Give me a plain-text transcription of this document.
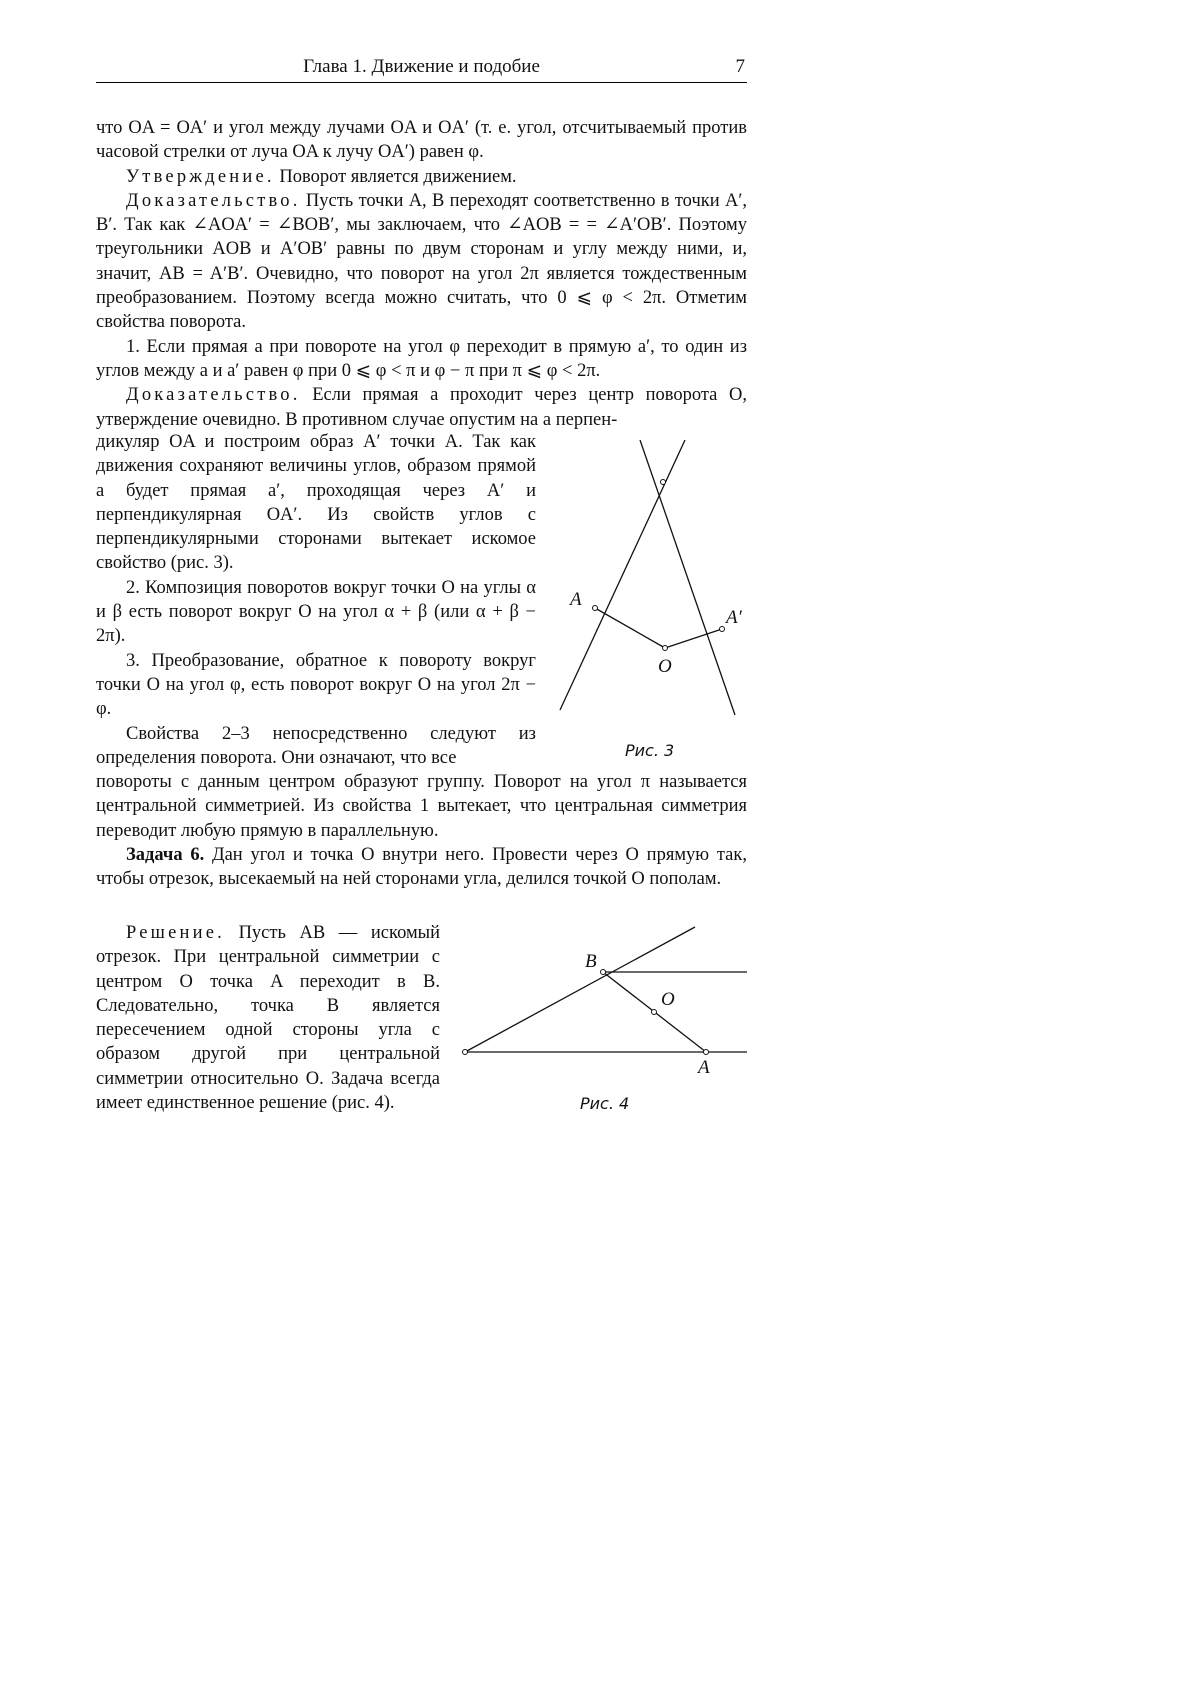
Глава 1. Движение и подобие	7

что OA = OA′ и угол между лучами OA и OA′ (т. е. угол, отсчитываемый против часовой стрелки от луча OA к лучу OA′) равен φ.

Утверждение. Поворот является движением.

Доказательство. Пусть точки A, B переходят соответственно в точки A′, B′. Так как ∠AOA′ = ∠BOB′, мы заключаем, что ∠AOB = = ∠A′OB′. Поэтому треугольники AOB и A′OB′ равны по двум сторонам и углу между ними, и, значит, AB = A′B′. Очевидно, что поворот на угол 2π является тождественным преобразованием. Поэтому всегда можно считать, что 0 ⩽ φ < 2π. Отметим свойства поворота.

1. Если прямая a при повороте на угол φ переходит в прямую a′, то один из углов между a и a′ равен φ при 0 ⩽ φ < π и φ − π при π ⩽ φ < 2π.

Доказательство. Если прямая a проходит через центр поворота O, утверждение очевидно. В противном случае опустим на a перпен-

дикуляр OA и построим образ A′ точки A. Так как движения сохраняют величины углов, образом прямой a будет прямая a′, проходящая через A′ и перпендикулярная OA′. Из свойств углов с перпендикулярными сторонами вытекает искомое свойство (рис. 3).

2. Композиция поворотов вокруг точки O на углы α и β есть поворот вокруг O на угол α + β (или α + β − 2π).

3. Преобразование, обратное к повороту вокруг точки O на угол φ, есть поворот вокруг O на угол 2π − φ.

Свойства 2–3 непосредственно следуют из определения поворота. Они означают, что все

A
A′
O
Рис. 3

повороты с данным центром образуют группу. Поворот на угол π называется центральной симметрией. Из свойства 1 вытекает, что центральная симметрия переводит любую прямую в параллельную.

Задача 6. Дан угол и точка O внутри него. Провести через O прямую так, чтобы отрезок, высекаемый на ней сторонами угла, делился точкой O пополам.

Решение. Пусть AB — искомый отрезок. При центральной симметрии с центром O точка A переходит в B. Следовательно, точка B является пересечением одной стороны угла с образом другой при центральной симметрии относительно O. Задача всегда имеет единственное решение (рис. 4).

B
O
A
Рис. 4
